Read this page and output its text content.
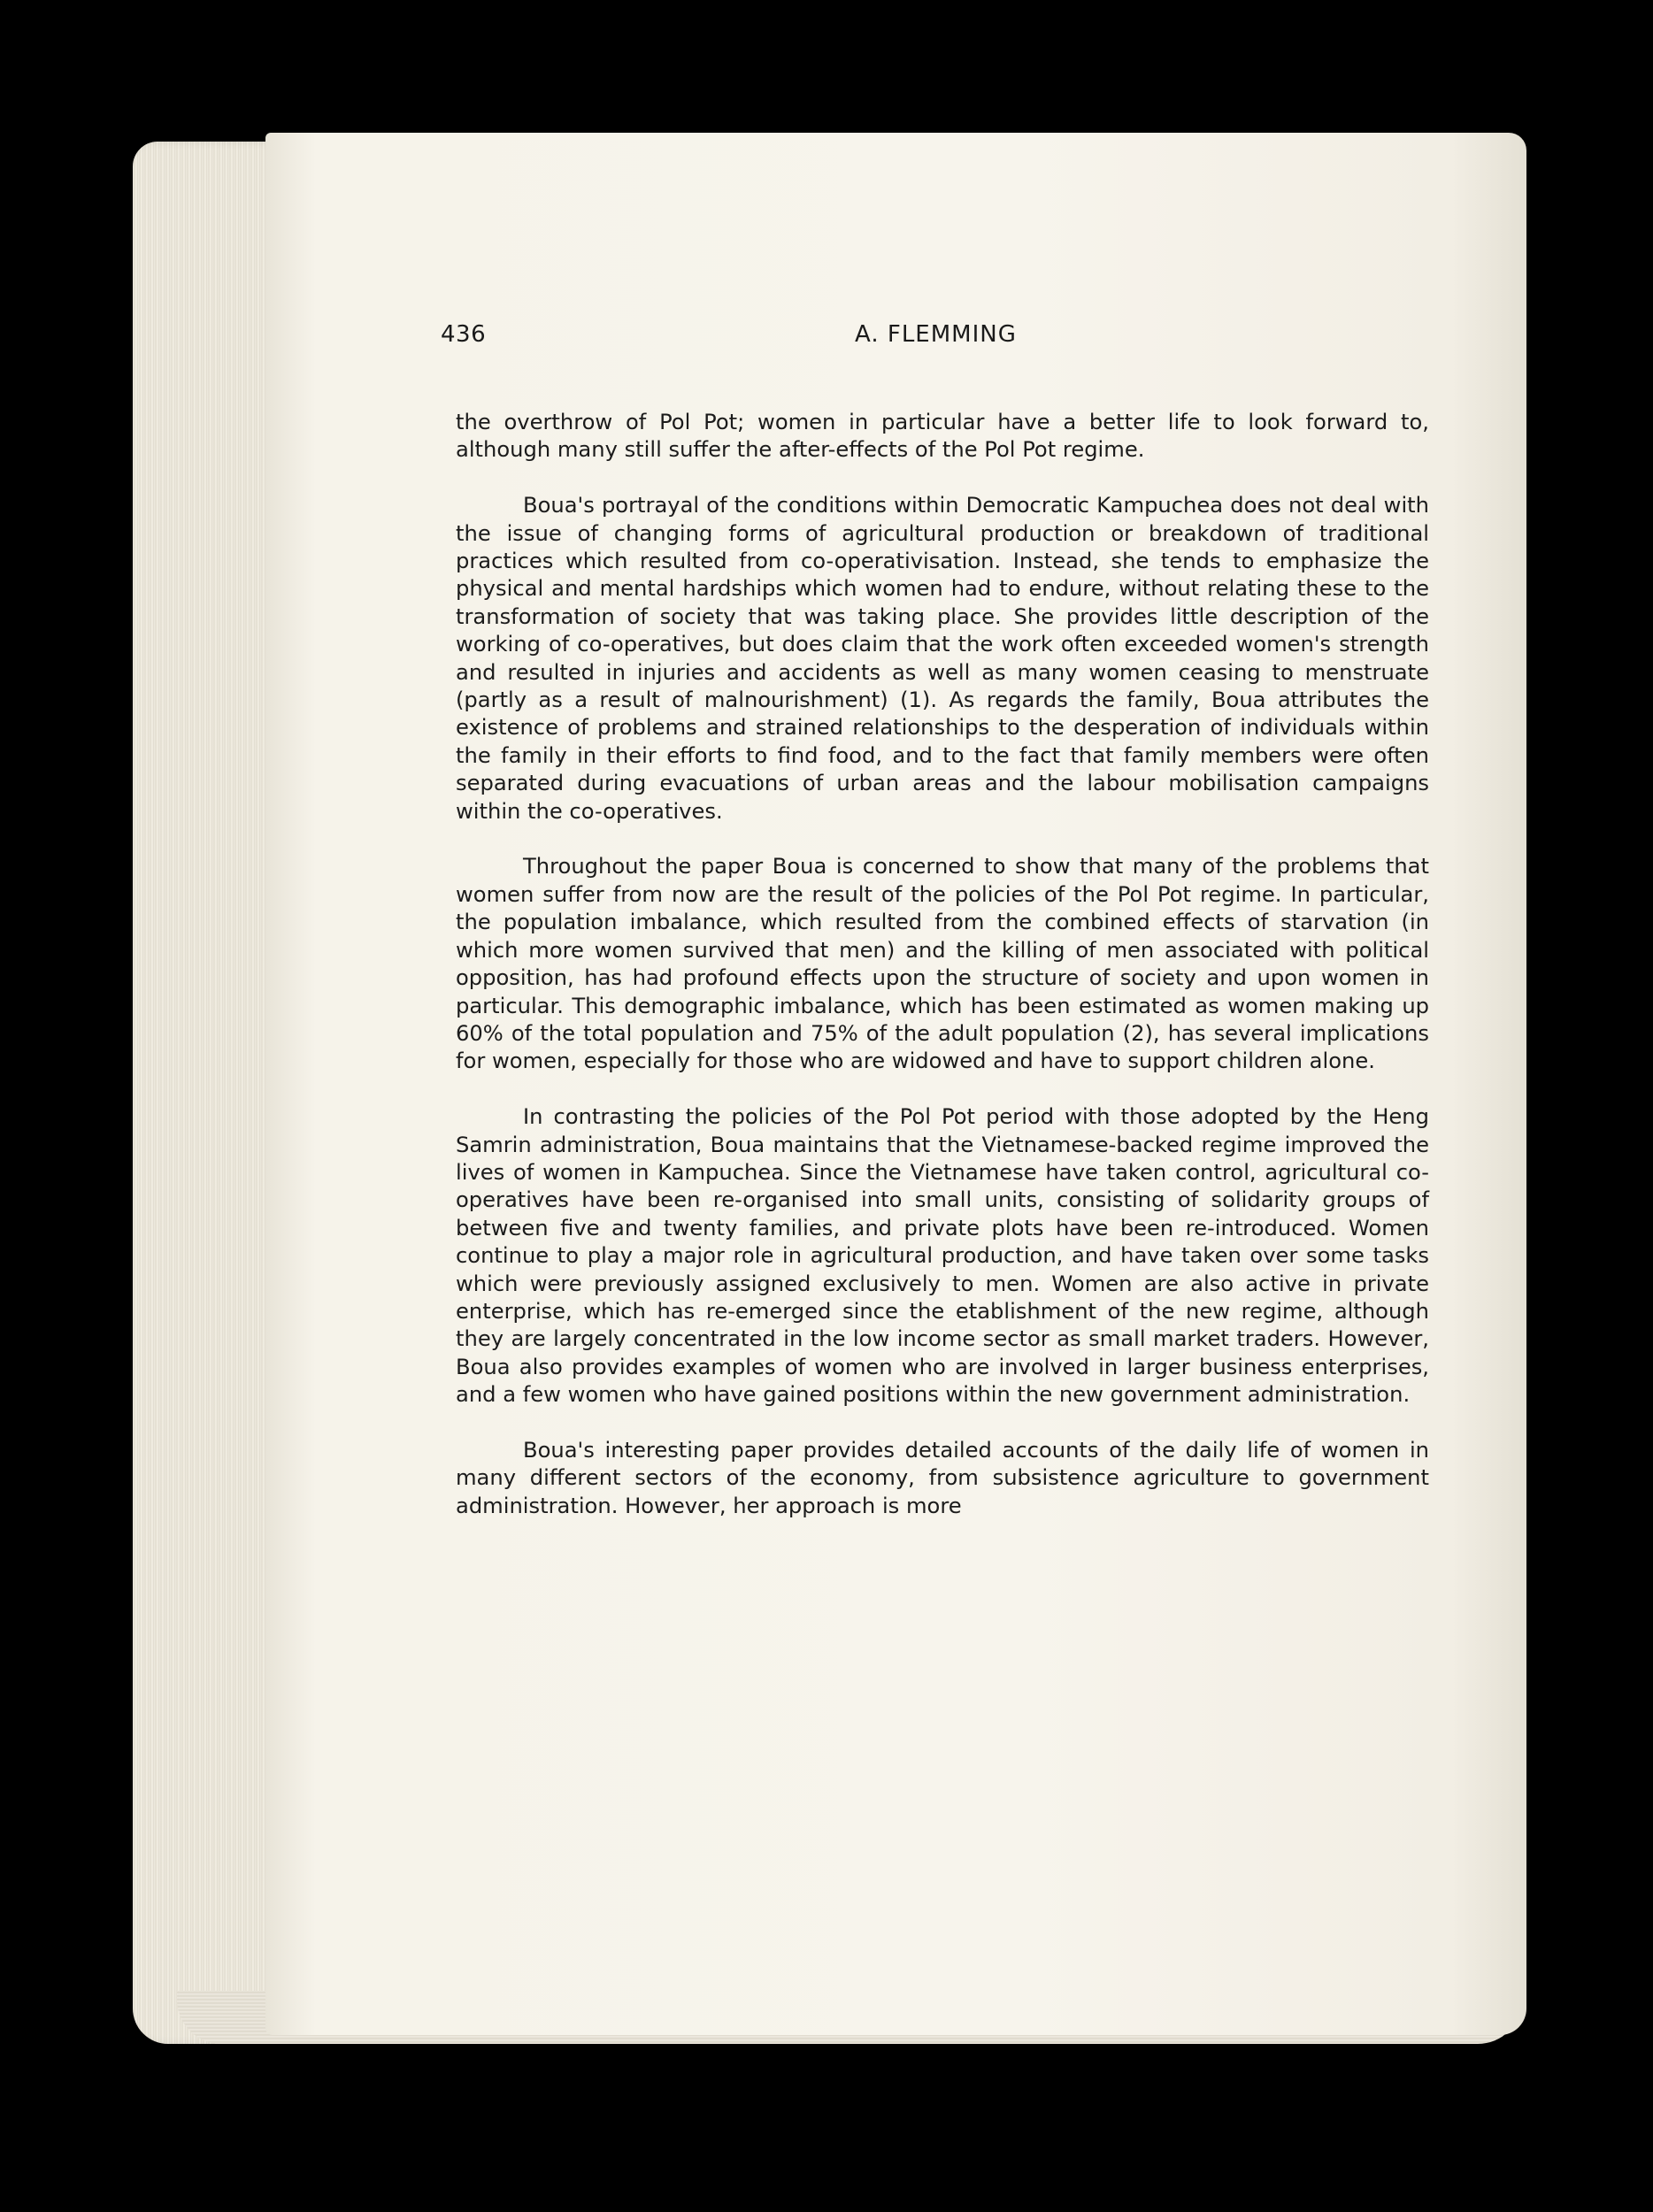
436	A. FLEMMING

the overthrow of Pol Pot; women in particular have a better life to look forward to, although many still suffer the after-effects of the Pol Pot regime.

Boua's portrayal of the conditions within Democratic Kampuchea does not deal with the issue of changing forms of agricultural production or breakdown of traditional practices which resulted from co-operativisation. Instead, she tends to emphasize the physical and mental hardships which women had to endure, without relating these to the transformation of society that was taking place. She provides little description of the working of co-operatives, but does claim that the work often exceeded women's strength and resulted in injuries and accidents as well as many women ceasing to menstruate (partly as a result of malnourishment) (1). As regards the family, Boua attributes the existence of problems and strained relationships to the desperation of individuals within the family in their efforts to find food, and to the fact that family members were often separated during evacuations of urban areas and the labour mobilisation campaigns within the co-operatives.

Throughout the paper Boua is concerned to show that many of the problems that women suffer from now are the result of the policies of the Pol Pot regime. In particular, the population imbalance, which resulted from the combined effects of starvation (in which more women survived that men) and the killing of men associated with political opposition, has had profound effects upon the structure of society and upon women in particular. This demographic imbalance, which has been estimated as women making up 60% of the total population and 75% of the adult population (2), has several implications for women, especially for those who are widowed and have to support children alone.

In contrasting the policies of the Pol Pot period with those adopted by the Heng Samrin administration, Boua maintains that the Vietnamese-backed regime improved the lives of women in Kampuchea. Since the Vietnamese have taken control, agricultural co-operatives have been re-organised into small units, consisting of solidarity groups of between five and twenty families, and private plots have been re-introduced. Women continue to play a major role in agricultural production, and have taken over some tasks which were previously assigned exclusively to men. Women are also active in private enterprise, which has re-emerged since the etablishment of the new regime, although they are largely concentrated in the low income sector as small market traders. However, Boua also provides examples of women who are involved in larger business enterprises, and a few women who have gained positions within the new government administration.

Boua's interesting paper provides detailed accounts of the daily life of women in many different sectors of the economy, from subsistence agriculture to government administration. However, her approach is more
